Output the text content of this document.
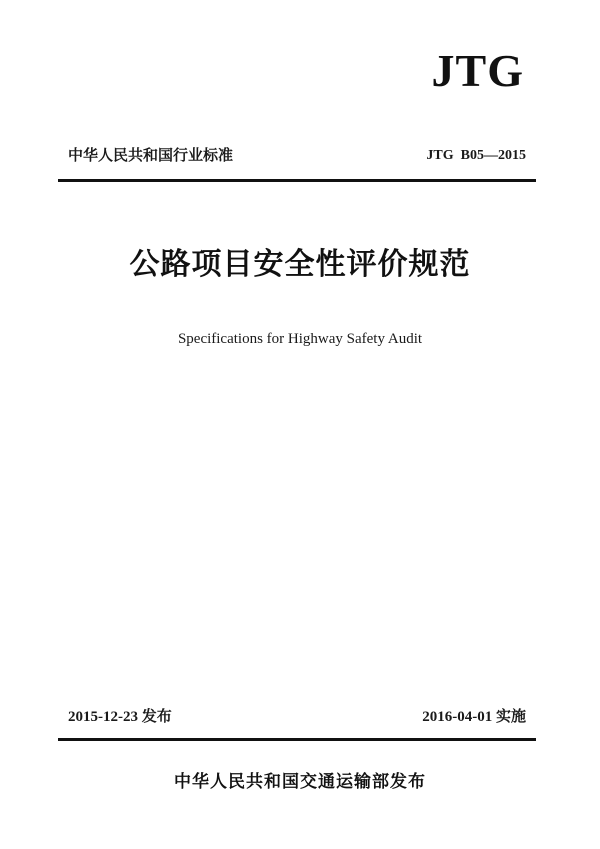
JTG
中华人民共和国行业标准	JTG  B05—2015
公路项目安全性评价规范
Specifications for Highway Safety Audit
2015-12-23 发布	2016-04-01 实施
中华人民共和国交通运输部发布
